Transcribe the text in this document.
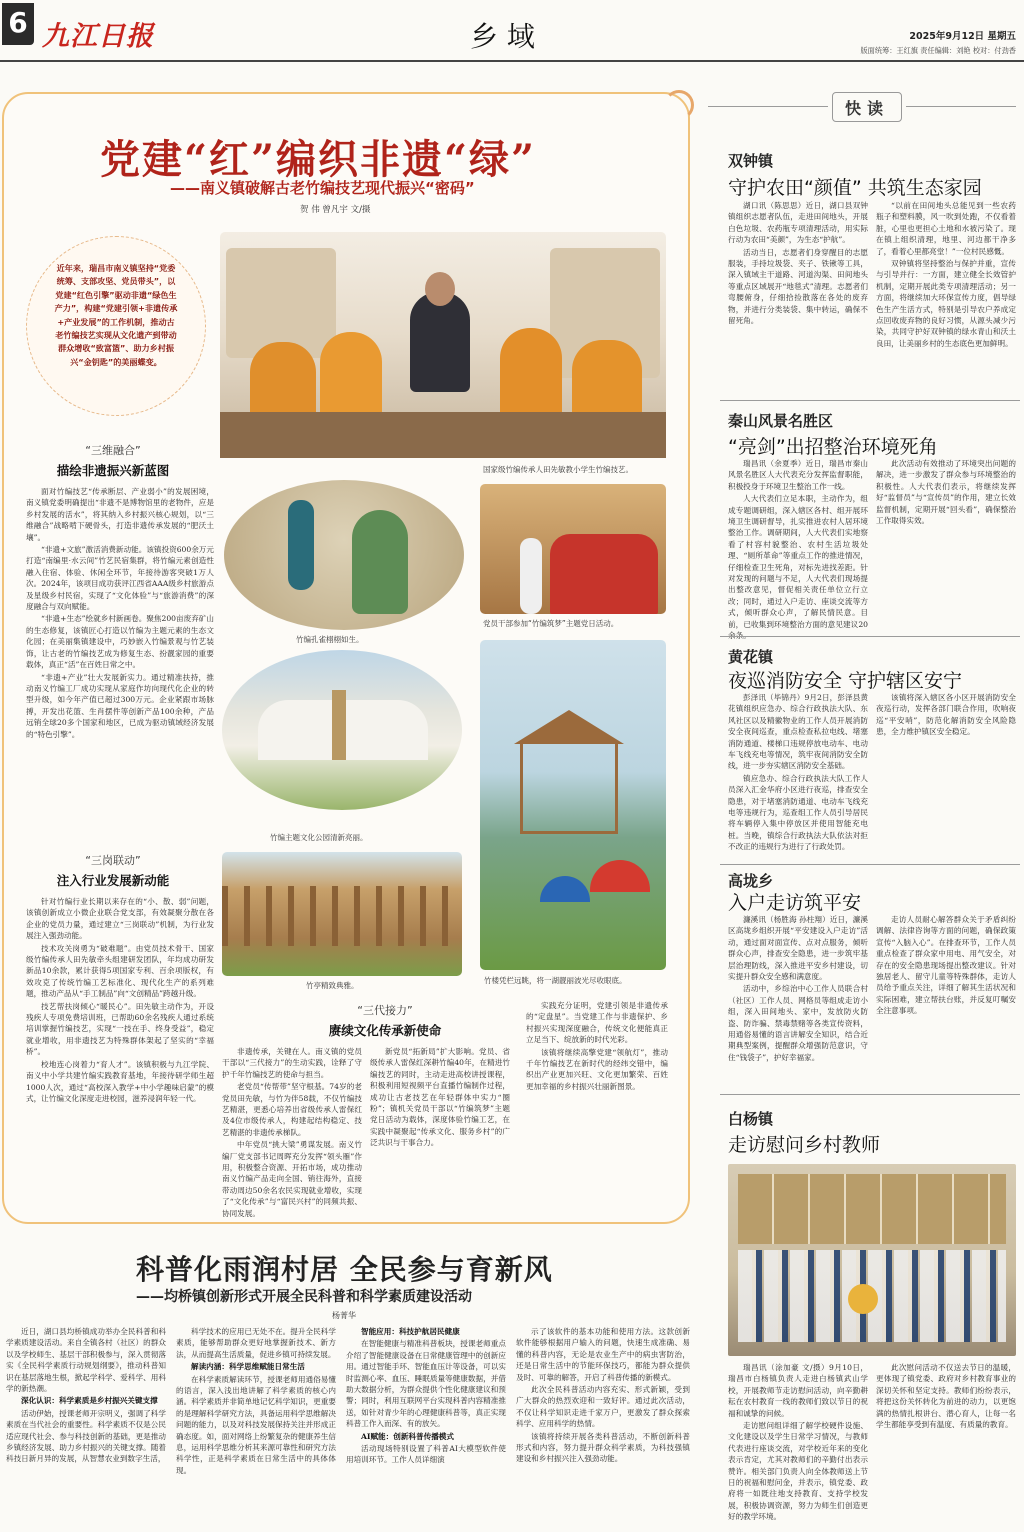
6 九江日报	乡 域	2025年9月12日 星期五
版面统筹：王红旗 责任编辑：刘艳 校对：付劲香
党建“红”编织非遗“绿”
——南义镇破解古老竹编技艺现代振兴“密码”
贺 伟 曾凡宇 文/摄
近年来，瑞昌市南义镇坚持“党委统筹、支部攻坚、党员带头”，以党建“红色引擎”驱动非遗“绿色生产力”，构建“党建引领+非遗传承+产业发展”的工作机制，推动古老竹编技艺实现从文化遗产到带动群众增收“致富篮”、助力乡村振兴“金钥匙”的美丽蝶变。
国家级竹编传承人田先敏教小学生竹编技艺。
“三维融合”
描绘非遗振兴新蓝图

面对竹编技艺“传承断层、产业弱小”的发展困境，南义镇党委明确提出“非遗不是博物馆里的老物件，应是乡村发展的活水”，将其纳入乡村振兴核心规划，以“三维融合”战略啃下硬骨头，打造非遗传承发展的“肥沃土壤”。

“非遗+文旅”激活消费新动能。该镇投资600余万元打造“南编里·水云间”竹艺民宿集群，将竹编元素创造性融入住宿、体验、休闲全环节，年接待游客突破1万人次。2024年，该项目成功获评江西省AAA级乡村旅游点及星级乡村民宿，实现了“文化体验”与“旅游消费”的深度融合与双向赋能。

“非遗+生态”绘就乡村新画卷。聚焦200亩废弃矿山的生态修复，该镇匠心打造以竹编为主题元素的生态文化园；在美丽集镇建设中，巧妙嵌入竹编景观与竹艺装饰，让古老的竹编技艺成为修复生态、扮靓家园的重要载体，真正“活”在百姓日常之中。

“非遗+产业”壮大发展新实力。通过精准扶持，推动南义竹编工厂成功实现从家庭作坊向现代化企业的转型升级，如今年产值已超过300万元。企业紧跟市场脉搏，开发出花篮、生肖摆件等创新产品100余种，产品远销全球20多个国家和地区，已成为驱动镇域经济发展的“特色引擎”。

竹编孔雀栩栩如生。
党员干部参加“竹编筑梦”主题党日活动。
竹编主题文化公园清新亮丽。
竹楼凭栏远眺，将一湖靓丽波光尽收眼底。
竹亭精致典雅。
“三岗联动”
注入行业发展新动能

针对竹编行业长期以来存在的“小、散、弱”问题，该镇创新成立小微企业联合党支部，有效凝聚分散在各企业的党员力量，通过建立“三岗联动”机制，为行业发展注入强劲动能。

技术攻关岗勇为“破难题”。由党员技术骨干、国家级竹编传承人田先敏牵头组建研发团队，年均成功研发新品10余款，累计获得5项国家专利、百余项版权，有效攻克了传统竹编工艺标准化、现代化生产的系列难题，推动产品从“手工制品”向“文创精品”跨越升级。

技艺帮扶岗倾心“暖民心”。田先敏主动作为，开设残疾人专项免费培训班，已帮助60余名残疾人通过系统培训掌握竹编技艺，实现“一技在手、终身受益”，稳定就业增收，用非遗技艺为特殊群体架起了坚实的“幸福桥”。

校地连心岗着力“育人才”。该镇积极与九江学院、南义中小学共建竹编实践教育基地，年接待研学师生超1000人次，通过“高校深入教学+中小学趣味启蒙”的模式，让竹编文化深度走进校园，滋养浸润年轻一代。

“三代接力”
赓续文化传承新使命

非遗传承，关键在人。南义镇的党员干部以“三代接力”的生动实践，诠释了守护千年竹编技艺的使命与担当。

老党员“传帮带”坚守根基。74岁的老党员田先敏，与竹为伴58载，不仅竹编技艺精湛，更悉心培养出省级传承人雷保红及4位市级传承人，构建起结构稳定、技艺精湛的非遗传承梯队。

中年党员“挑大梁”勇谋发展。南义竹编厂党支部书记周晖充分发挥“领头雁”作用，积极整合资源、开拓市场，成功推动南义竹编产品走向全国、销往海外，直接带动周边50余名农民实现就业增收，实现了“文化传承”与“富民兴村”的同频共振、协同发展。

新党员“拓新局”扩大影响。党员、省级传承人雷保红深耕竹编40年，在精进竹编技艺的同时，主动走进高校讲授课程，积极利用短视频平台直播竹编制作过程，成功让古老技艺在年轻群体中实力“圈粉”；镇机关党员干部以“竹编筑梦”主题党日活动为载体，深度体验竹编工艺，在实践中凝聚起“传承文化、服务乡村”的广泛共识与干事合力。

实践充分证明，党建引领是非遗传承的“定盘星”。当党建工作与非遗保护、乡村振兴实现深度融合，传统文化便能真正立足当下、绽放新的时代光彩。

该镇将继续高擎党建“领航灯”，推动千年竹编技艺在新时代的经纬交错中，编织出产业更加兴旺、文化更加繁荣、百姓更加幸福的乡村振兴壮丽新图景。

快读
双钟镇
守护农田“颜值” 共筑生态家园

湖口讯（陈思思）近日，湖口县双钟镇组织志愿者队伍，走进田间地头，开展白色垃圾、农药瓶专项清理活动，用实际行动为农田“美颜”，为生态“护航”。

活动当日，志愿者们身穿醒目的志愿服装，手持垃圾袋、夹子、铁锹等工具，深入镇域主干道路、河道沟渠、田间地头等重点区域展开“地毯式”清理。志愿者们弯腰俯身，仔细拾捡散落在各处的废弃物，并进行分类装袋、集中转运，确保不留死角。

“以前在田间地头总能见到一些农药瓶子和塑料膜，风一吹到处跑，不仅看着脏，心里也更担心土地和水被污染了。现在镇上组织清理，地里、河边都干净多了，看着心里都亮堂！”一位村民感慨。

双钟镇将坚持整治与保护并重，宣传与引导并行：一方面，建立健全长效管护机制，定期开展此类专项清理活动；另一方面，将继续加大环保宣传力度，倡导绿色生产生活方式，特别是引导农户养成定点回收废弃物的良好习惯，从源头减少污染，共同守护好双钟镇的绿水青山和沃土良田，让美丽乡村的生态底色更加鲜明。

秦山风景名胜区
“亮剑”出招整治环境死角

瑞昌讯（余夏季）近日，瑞昌市秦山风景名胜区人大代表充分发挥监督职能，积极投身于环境卫生整治工作一线。

人大代表们立足本职，主动作为，组成专题调研组，深入辖区各村、组开展环境卫生调研督导，扎实推进农村人居环境整治工作。调研期间，人大代表们实地察看了村容村貌整治、农村生活垃圾处理、“厕所革命”等重点工作的推进情况，仔细检查卫生死角，对标先进找差距。针对发现的问题与不足，人大代表们现场提出整改意见，督促相关责任单位立行立改；同时，通过入户走访、座谈交流等方式，倾听群众心声，了解民情民意。目前，已收集到环境整治方面的意见建议20

此次活动有效推动了环境突出问题的解决，进一步激发了群众参与环境整治的积极性。人大代表们表示，将继续发挥好“监督员”与“宣传员”的作用，建立长效监督机制，定期开展“回头看”，确保整治工作取得实效。

黄花镇
夜巡消防安全 守护辖区安宁

彭泽讯（毕锦丹）9月2日，彭泽县黄花镇组织应急办、综合行政执法大队、东风社区以及精徽物业的工作人员开展消防安全夜间巡查，重点检查私拉电线、堵塞消防通道、楼梯口违规停放电动车、电动车飞线充电等情况，筑牢夜间消防安全防线，进一步夯实辖区消防安全基础。

镇应急办、综合行政执法大队工作人员深入汇金华府小区进行夜巡，排查安全隐患，对于堵塞消防通道、电动车飞线充电等违规行为，巡查组工作人员引导居民将车辆停入集中停放区并使用智能充电桩。当晚，镇综合行政执法大队依法对拒不改正的违规行为进行了行政处罚。

该镇将深入辖区各小区开展消防安全夜巡行动，发挥各部门联合作用，吹响夜巡“平安哨”，防范化解消防安全风险隐患，全力维护镇区安全稳定。

高垅乡
入户走访筑平安

濂溪讯（杨胜海 孙柱翔）近日，濂溪区高垅乡组织开展“平安建设入户走访”活动，通过面对面宣传、点对点服务，倾听群众心声，排查安全隐患，进一步筑牢基层治理防线，深入推进平安乡村建设，切实提升群众安全感和满意度。

活动中，乡综治中心工作人员联合村（社区）工作人员、网格员等组成走访小组，深入田间地头、家中，发放防火防盗、防诈骗、禁毒禁赌等各类宣传资料，用通俗易懂的语言讲解安全知识，结合近期典型案例，提醒群众增强防范意识，守住“钱袋子”，护好幸福家。

走访人员耐心解答群众关于矛盾纠纷调解、法律咨询等方面的问题，确保政策宣传“入脑入心”。在排查环节，工作人员重点检查了群众家中用电、用气安全，对存在的安全隐患现场提出整改建议。针对独居老人、留守儿童等特殊群体，走访人员给予重点关注，详细了解其生活状况和实际困难，建立帮扶台账，并反复叮嘱安全注意事项。

白杨镇
走访慰问乡村教师

瑞昌讯（涂加豪 文/摄）9月10日，瑞昌市白杨镇负责人走进白杨镇武山学校，开展教师节走访慰问活动，向辛勤耕耘在农村教育一线的教师们致以节日的祝福和诚挚的问候。

走访慰问组详细了解学校硬件设施、文化建设以及学生日常学习情况，与教师代表进行座谈交流，对学校近年来的变化表示肯定，尤其对教师们的辛勤付出表示赞许。相关部门负责人向全体教师送上节日的祝福和慰问金，并表示，镇党委、政府将一如既往地支持教育、支持学校发展，积极协调资源，努力为师生们创造更好的教学环境。

此次慰问活动不仅送去节日的温暖，更体现了镇党委、政府对乡村教育事业的深切关怀和坚定支持。教师们纷纷表示，将把这份关怀转化为前进的动力，以更饱满的热情扎根讲台、潜心育人，让每一名学生都能享受到有温度、有质量的教育。

科普化雨润村居 全民参与育新风
——均桥镇创新形式开展全民科普和科学素质建设活动
杨菁华

近日，湖口县均桥镇成功举办全民科普和科学素质建设活动。来自全镇各村（社区）的群众以及学校师生、基层干部积极参与，深入贯彻落实《全民科学素质行动规划纲要》，推动科普知识在基层落地生根，掀起学科学、爱科学、用科学的新热潮。

深化认识：科学素质是乡村振兴关键支撑

活动伊始，授课老师开宗明义，强调了科学素质在当代社会的重要性。科学素质不仅是公民适应现代社会、参与科技创新的基础，更是推动乡镇经济发展、助力乡村振兴的关键支撑。随着科技日新月异的发展，从智慧农业到数字生活，

科学技术的应用已无处不在。提升全民科学素质，能够帮助群众更好地掌握新技术、新方法，从而提高生活质量，促进乡镇可持续发展。

解读内涵：科学思维赋能日常生活

在科学素质解读环节，授课老师用通俗易懂的语言，深入浅出地讲解了科学素质的核心内涵。科学素质并非简单地记忆科学知识，更重要的是理解科学研究方法，具备运用科学思维解决问题的能力，以及对科技发展保持关注并形成正确态度。如，面对网络上纷繁复杂的健康养生信息，运用科学思维分析其来源可靠性和研究方法科学性，正是科学素质在日常生活中的具体体现。

智能应用：科技护航居民健康

在智能健康与精准科普板块，授课老师重点介绍了智能健康设备在日常健康管理中的创新应用。通过智能手环、智能血压计等设备，可以实时监测心率、血压、睡眠质量等健康数据，并借助大数据分析，为群众提供个性化健康建议和预警；同时，利用互联网平台实现科普内容精准推送，如针对青少年的心理健康科普等，真正实现科普工作入而深、有的放矢。

AI赋能：创新科普传播模式

活动现场特别设置了科普AI大模型软件使用培训环节。工作人员详细演

示了该软件的基本功能和使用方法。这款创新软件能够根据用户输入的问题，快速生成准确、易懂的科普内容，无论是农业生产中的病虫害防治，还是日常生活中的节能环保技巧，都能为群众提供及时、可靠的解答，开启了科普传播的新模式。

此次全民科普活动内容充实、形式新颖，受到广大群众的热烈欢迎和一致好评。通过此次活动，不仅让科学知识走进千家万户，更激发了群众探索科学、应用科学的热情。

该镇将持续开展各类科普活动，不断创新科普形式和内容，努力提升群众科学素质，为科技强镇建设和乡村振兴注入强劲动能。
